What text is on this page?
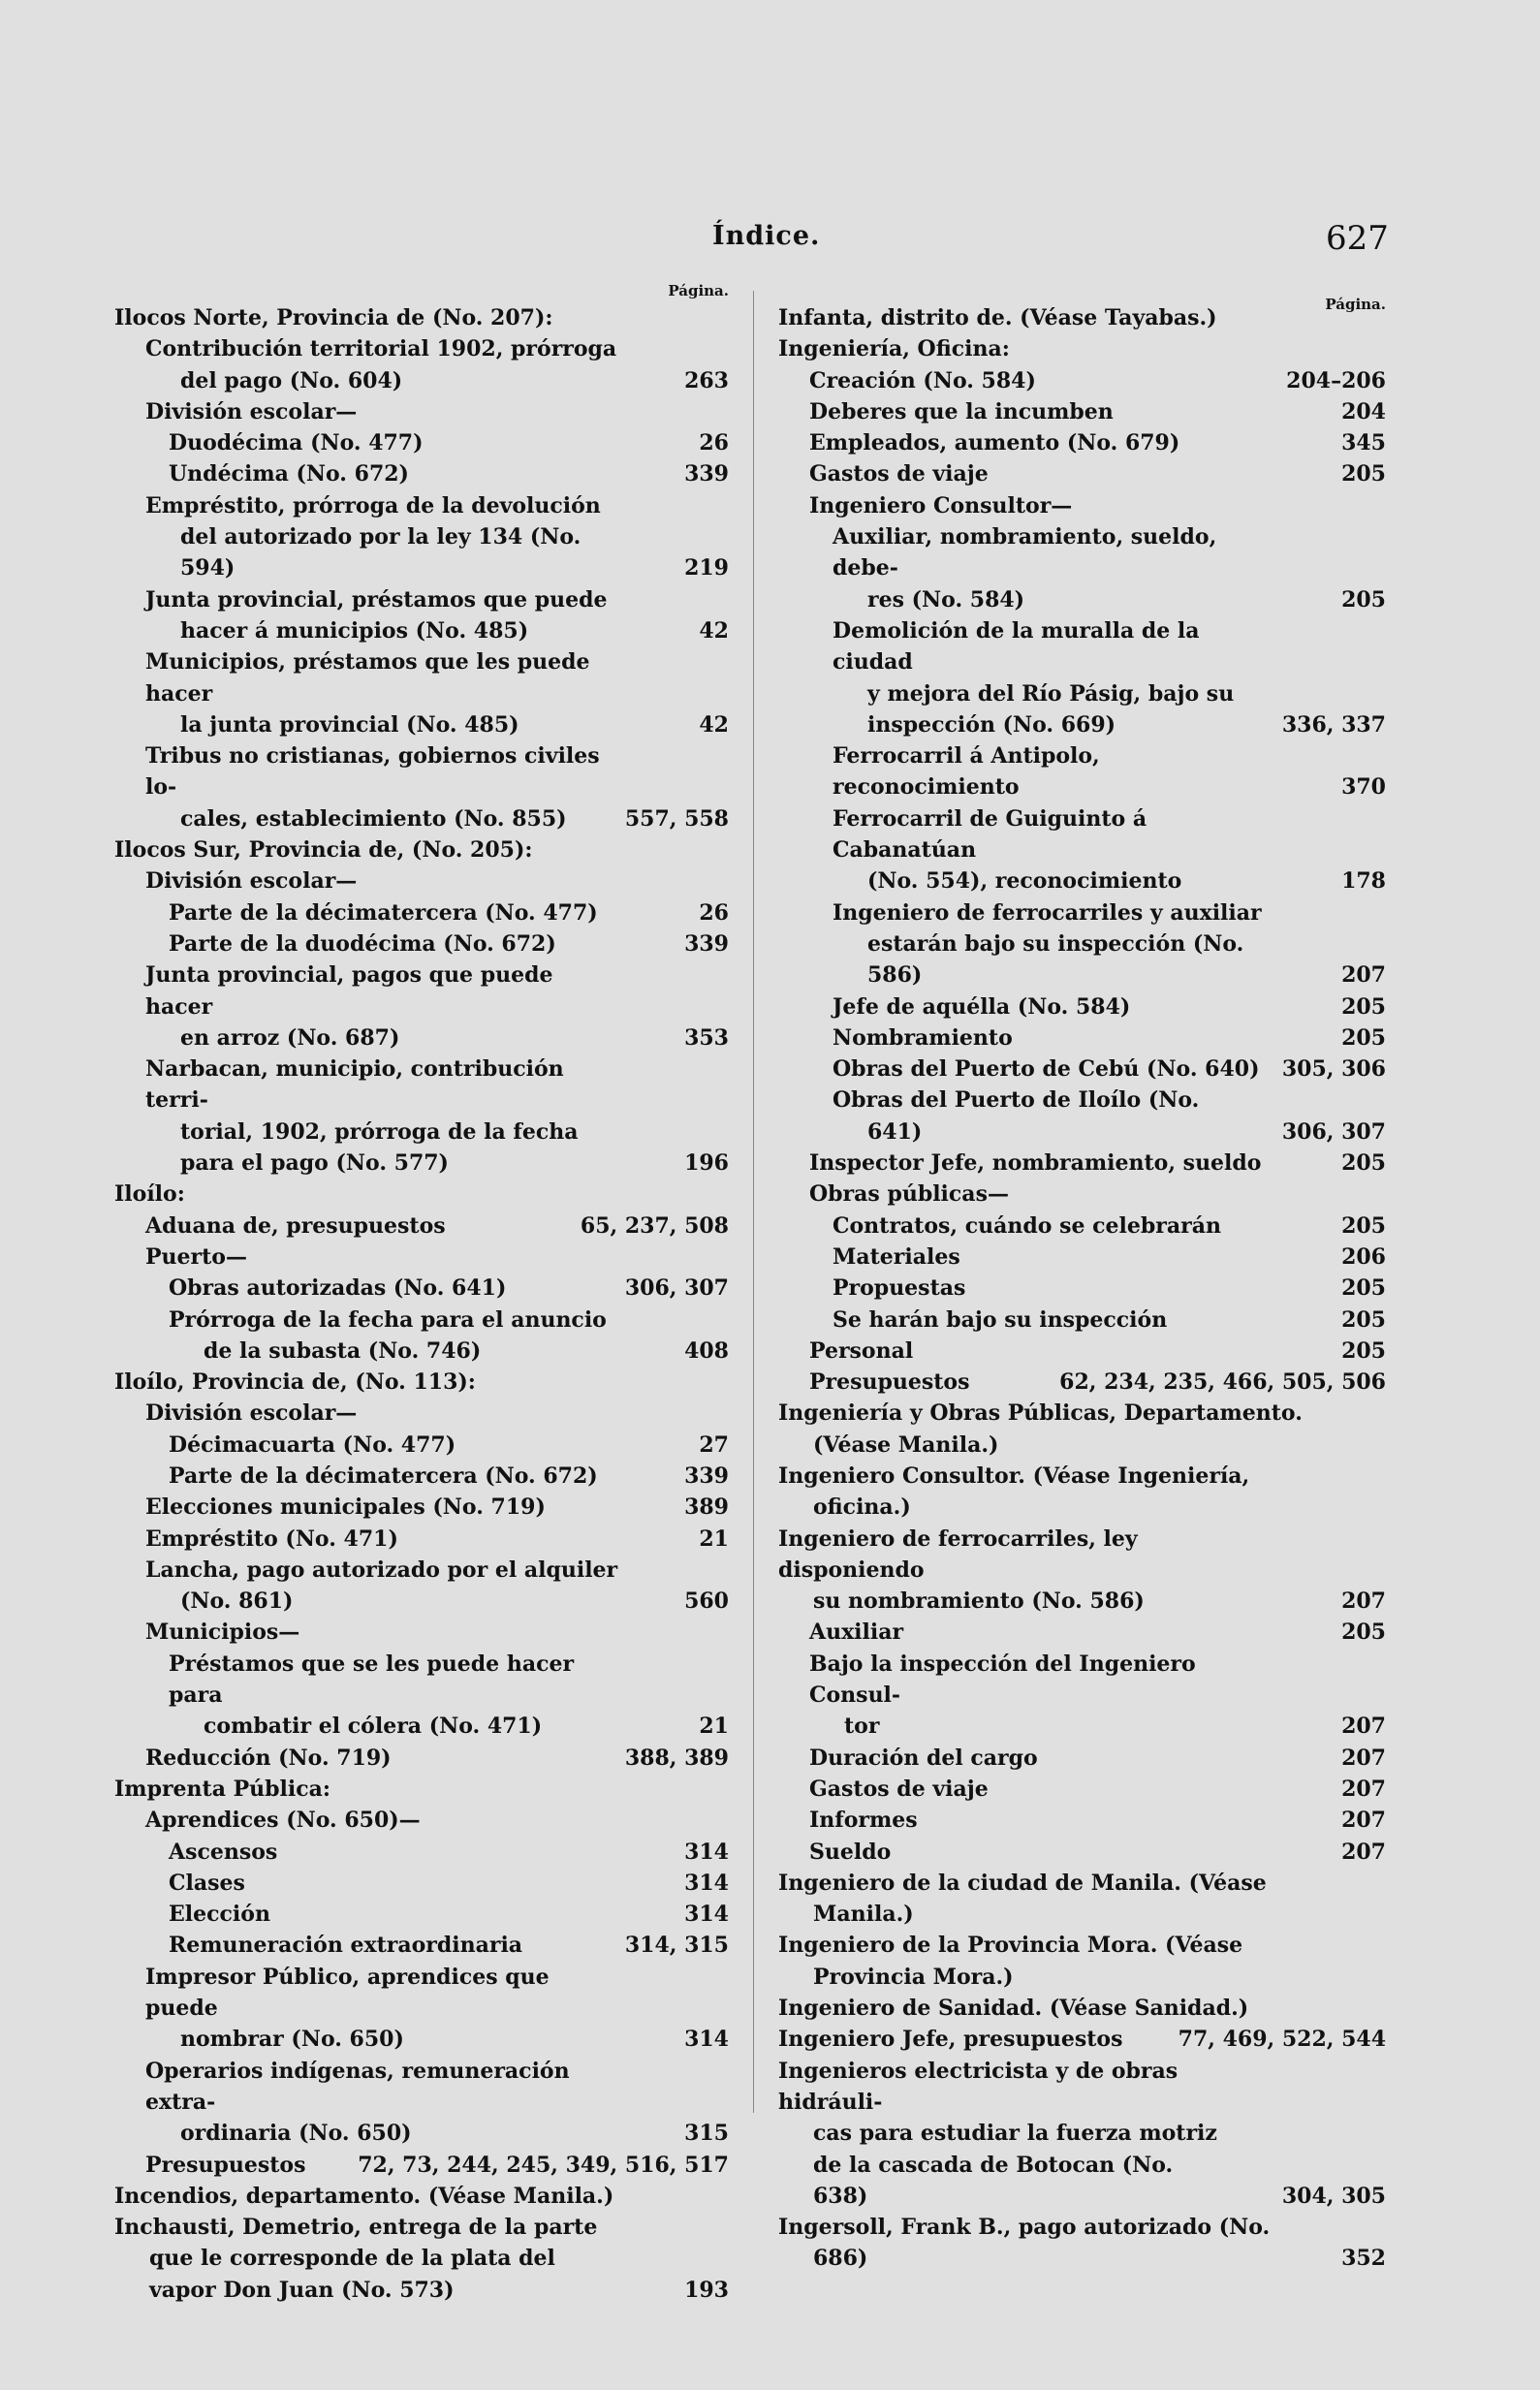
Índice.	627
Página.
Ilocos Norte, Provincia de (No. 207):
Contribución territorial 1902, prórroga
del pago (No. 604)	263
División escolar—
Duodécima (No. 477)	26
Undécima (No. 672)	339
Empréstito, prórroga de la devolución
del autorizado por la ley 134 (No.
594)	219
Junta provincial, préstamos que puede
hacer á municipios (No. 485)	42
Municipios, préstamos que les puede hacer
la junta provincial (No. 485)	42
Tribus no cristianas, gobiernos civiles lo-
cales, establecimiento (No. 855)	557, 558
Ilocos Sur, Provincia de, (No. 205):
División escolar—
Parte de la décimatercera (No. 477)	26
Parte de la duodécima (No. 672)	339
Junta provincial, pagos que puede hacer
en arroz (No. 687)	353
Narbacan, municipio, contribución terri-
torial, 1902, prórroga de la fecha
para el pago (No. 577)	196
Iloílo:
Aduana de, presupuestos	65, 237, 508
Puerto—
Obras autorizadas (No. 641)	306, 307
Prórroga de la fecha para el anuncio
de la subasta (No. 746)	408
Iloílo, Provincia de, (No. 113):
División escolar—
Décimacuarta (No. 477)	27
Parte de la décimatercera (No. 672)	339
Elecciones municipales (No. 719)	389
Empréstito (No. 471)	21
Lancha, pago autorizado por el alquiler
(No. 861)	560
Municipios—
Préstamos que se les puede hacer para
combatir el cólera (No. 471)	21
Reducción (No. 719)	388, 389
Imprenta Pública:
Aprendices (No. 650)—
Ascensos	314
Clases	314
Elección	314
Remuneración extraordinaria	314, 315
Impresor Público, aprendices que puede
nombrar (No. 650)	314
Operarios indígenas, remuneración extra-
ordinaria (No. 650)	315
Presupuestos	72, 73, 244, 245, 349, 516, 517
Incendios, departamento. (Véase Manila.)
Inchausti, Demetrio, entrega de la parte
que le corresponde de la plata del
vapor Don Juan (No. 573)	193
Página.
Infanta, distrito de. (Véase Tayabas.)
Ingeniería, Oficina:
Creación (No. 584)	204–206
Deberes que la incumben	204
Empleados, aumento (No. 679)	345
Gastos de viaje	205
Ingeniero Consultor—
Auxiliar, nombramiento, sueldo, debe-
res (No. 584)	205
Demolición de la muralla de la ciudad
y mejora del Río Pásig, bajo su
inspección (No. 669)	336, 337
Ferrocarril á Antipolo, reconocimiento	370
Ferrocarril de Guiguinto á Cabanatúan
(No. 554), reconocimiento	178
Ingeniero de ferrocarriles y auxiliar
estarán bajo su inspección (No.
586)	207
Jefe de aquélla (No. 584)	205
Nombramiento	205
Obras del Puerto de Cebú (No. 640)	305, 306
Obras del Puerto de Iloílo (No.
641)	306, 307
Inspector Jefe, nombramiento, sueldo	205
Obras públicas—
Contratos, cuándo se celebrarán	205
Materiales	206
Propuestas	205
Se harán bajo su inspección	205
Personal	205
Presupuestos	62, 234, 235, 466, 505, 506
Ingeniería y Obras Públicas, Departamento.
(Véase Manila.)
Ingeniero Consultor. (Véase Ingeniería,
oficina.)
Ingeniero de ferrocarriles, ley disponiendo
su nombramiento (No. 586)	207
Auxiliar	205
Bajo la inspección del Ingeniero Consul-
tor	207
Duración del cargo	207
Gastos de viaje	207
Informes	207
Sueldo	207
Ingeniero de la ciudad de Manila. (Véase
Manila.)
Ingeniero de la Provincia Mora. (Véase
Provincia Mora.)
Ingeniero de Sanidad. (Véase Sanidad.)
Ingeniero Jefe, presupuestos	77, 469, 522, 544
Ingenieros electricista y de obras hidráuli-
cas para estudiar la fuerza motriz
de la cascada de Botocan (No.
638)	304, 305
Ingersoll, Frank B., pago autorizado (No.
686)	352
